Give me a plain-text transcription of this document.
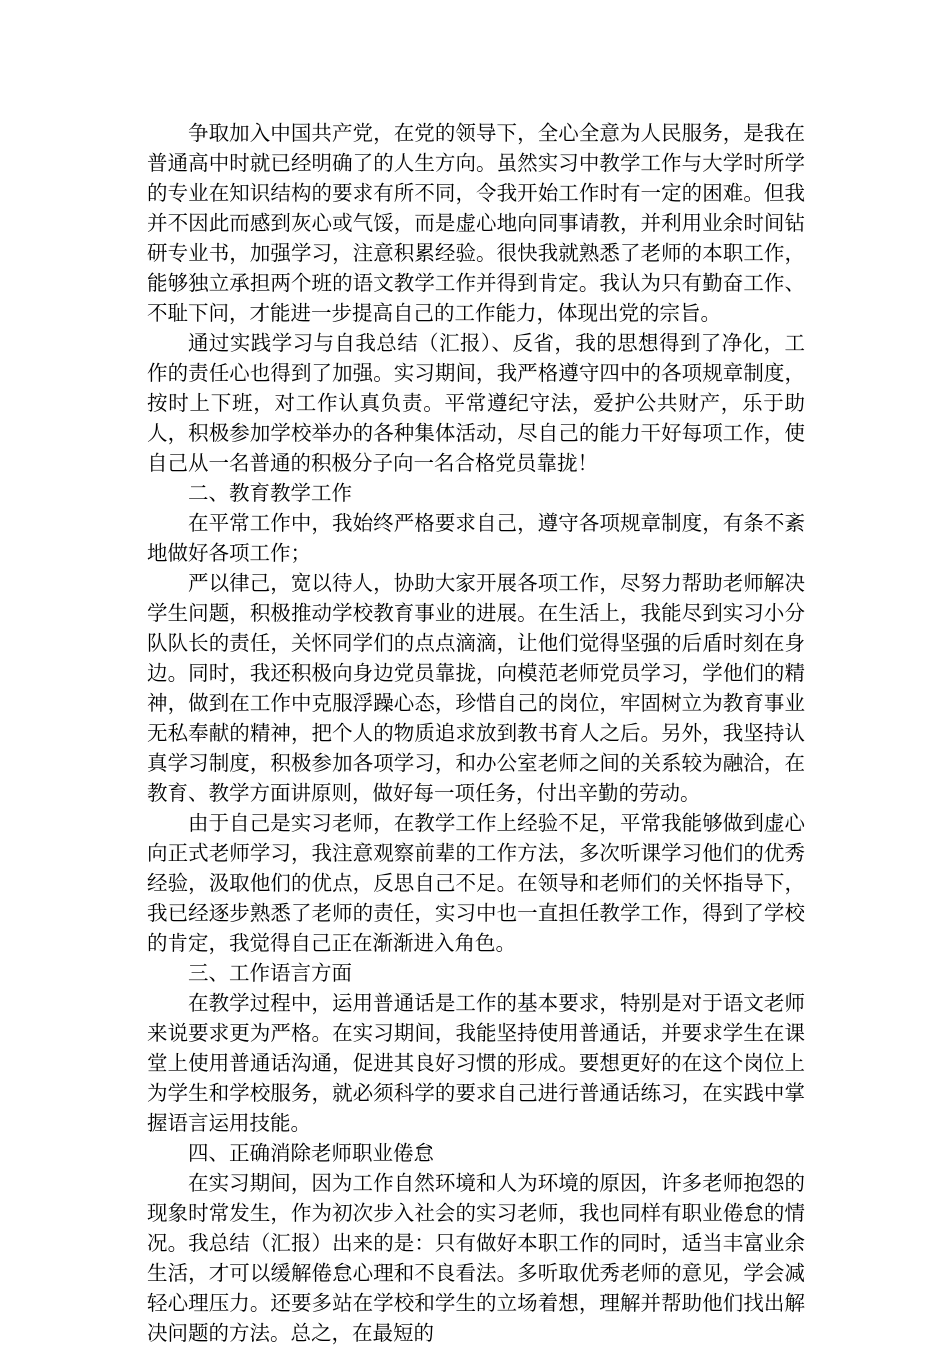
争取加入中国共产党，在党的领导下，全心全意为人民服务，是我在普通高中时就已经明确了的人生方向。虽然实习中教学工作与大学时所学的专业在知识结构的要求有所不同，令我开始工作时有一定的困难。但我并不因此而感到灰心或气馁，而是虚心地向同事请教，并利用业余时间钻研专业书，加强学习，注意积累经验。很快我就熟悉了老师的本职工作，能够独立承担两个班的语文教学工作并得到肯定。我认为只有勤奋工作、不耻下问，才能进一步提高自己的工作能力，体现出党的宗旨。

通过实践学习与自我总结（汇报）、反省，我的思想得到了净化，工作的责任心也得到了加强。实习期间，我严格遵守四中的各项规章制度，按时上下班，对工作认真负责。平常遵纪守法，爱护公共财产，乐于助人，积极参加学校举办的各种集体活动，尽自己的能力干好每项工作，使自己从一名普通的积极分子向一名合格党员靠拢！

二、教育教学工作

在平常工作中，我始终严格要求自己，遵守各项规章制度，有条不紊地做好各项工作；

严以律己，宽以待人，协助大家开展各项工作，尽努力帮助老师解决学生问题，积极推动学校教育事业的进展。在生活上，我能尽到实习小分队队长的责任，关怀同学们的点点滴滴，让他们觉得坚强的后盾时刻在身边。同时，我还积极向身边党员靠拢，向模范老师党员学习，学他们的精神，做到在工作中克服浮躁心态，珍惜自己的岗位，牢固树立为教育事业无私奉献的精神，把个人的物质追求放到教书育人之后。另外，我坚持认真学习制度，积极参加各项学习，和办公室老师之间的关系较为融洽，在教育、教学方面讲原则，做好每一项任务，付出辛勤的劳动。

由于自己是实习老师，在教学工作上经验不足，平常我能够做到虚心向正式老师学习，我注意观察前辈的工作方法，多次听课学习他们的优秀经验，汲取他们的优点，反思自己不足。在领导和老师们的关怀指导下，我已经逐步熟悉了老师的责任，实习中也一直担任教学工作，得到了学校的肯定，我觉得自己正在渐渐进入角色。

三、工作语言方面

在教学过程中，运用普通话是工作的基本要求，特别是对于语文老师来说要求更为严格。在实习期间，我能坚持使用普通话，并要求学生在课堂上使用普通话沟通，促进其良好习惯的形成。要想更好的在这个岗位上为学生和学校服务，就必须科学的要求自己进行普通话练习，在实践中掌握语言运用技能。

四、正确消除老师职业倦怠

在实习期间，因为工作自然环境和人为环境的原因，许多老师抱怨的现象时常发生，作为初次步入社会的实习老师，我也同样有职业倦怠的情况。我总结（汇报）出来的是：只有做好本职工作的同时，适当丰富业余生活，才可以缓解倦怠心理和不良看法。多听取优秀老师的意见，学会减轻心理压力。还要多站在学校和学生的立场着想，理解并帮助他们找出解决问题的方法。总之，在最短的
